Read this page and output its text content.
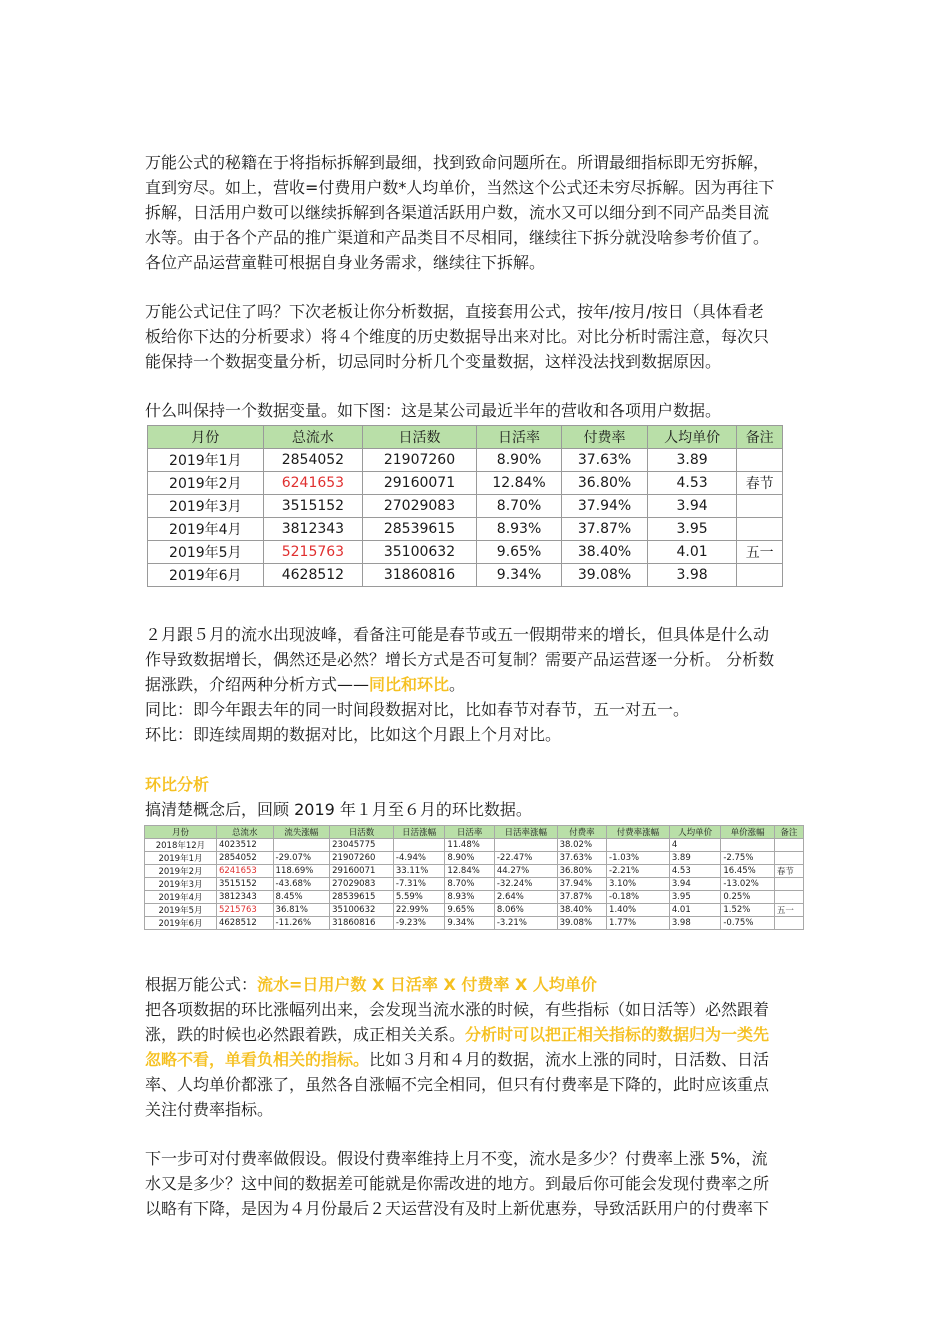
万能公式的秘籍在于将指标拆解到最细，找到致命问题所在。所谓最细指标即无穷拆解，
直到穷尽。如上，营收=付费用户数*人均单价，当然这个公式还未穷尽拆解。因为再往下
拆解，日活用户数可以继续拆解到各渠道活跃用户数，流水又可以细分到不同产品类目流
水等。由于各个产品的推广渠道和产品类目不尽相同，继续往下拆分就没啥参考价值了。
各位产品运营童鞋可根据自身业务需求，继续往下拆解。

万能公式记住了吗？下次老板让你分析数据，直接套用公式，按年/按月/按日（具体看老
板给你下达的分析要求）将４个维度的历史数据导出来对比。对比分析时需注意，每次只
能保持一个数据变量分析，切忌同时分析几个变量数据，这样没法找到数据原因。

什么叫保持一个数据变量。如下图：这是某公司最近半年的营收和各项用户数据。

月份	总流水	日活数	日活率	付费率	人均单价	备注
2019年1月	2854052	21907260	8.90%	37.63%	3.89	
2019年2月	6241653	29160071	12.84%	36.80%	4.53	春节
2019年3月	3515152	27029083	8.70%	37.94%	3.94	
2019年4月	3812343	28539615	8.93%	37.87%	3.95	
2019年5月	5215763	35100632	9.65%	38.40%	4.01	五一
2019年6月	4628512	31860816	9.34%	39.08%	3.98	

２月跟５月的流水出现波峰，看备注可能是春节或五一假期带来的增长，但具体是什么动
作导致数据增长，偶然还是必然？增长方式是否可复制？需要产品运营逐一分析。 分析数
据涨跌，介绍两种分析方式——同比和环比。
同比：即今年跟去年的同一时间段数据对比，比如春节对春节，五一对五一。
环比：即连续周期的数据对比，比如这个月跟上个月对比。

环比分析
搞清楚概念后，回顾 2019 年１月至６月的环比数据。

月份	总流水	流失涨幅	日活数	日活涨幅	日活率	日活率涨幅	付费率	付费率涨幅	人均单价	单价涨幅	备注
2018年12月	4023512		23045775		11.48%		38.02%		4		
2019年1月	2854052	-29.07%	21907260	-4.94%	8.90%	-22.47%	37.63%	-1.03%	3.89	-2.75%	
2019年2月	6241653	118.69%	29160071	33.11%	12.84%	44.27%	36.80%	-2.21%	4.53	16.45%	春节
2019年3月	3515152	-43.68%	27029083	-7.31%	8.70%	-32.24%	37.94%	3.10%	3.94	-13.02%	
2019年4月	3812343	8.45%	28539615	5.59%	8.93%	2.64%	37.87%	-0.18%	3.95	0.25%	
2019年5月	5215763	36.81%	35100632	22.99%	9.65%	8.06%	38.40%	1.40%	4.01	1.52%	五一
2019年6月	4628512	-11.26%	31860816	-9.23%	9.34%	-3.21%	39.08%	1.77%	3.98	-0.75%	

根据万能公式：流水=日用户数 X 日活率 X 付费率 X 人均单价
把各项数据的环比涨幅列出来，会发现当流水涨的时候，有些指标（如日活等）必然跟着
涨，跌的时候也必然跟着跌，成正相关关系。分析时可以把正相关指标的数据归为一类先
忽略不看，单看负相关的指标。比如３月和４月的数据，流水上涨的同时，日活数、日活
率、人均单价都涨了，虽然各自涨幅不完全相同，但只有付费率是下降的，此时应该重点
关注付费率指标。

下一步可对付费率做假设。假设付费率维持上月不变，流水是多少？付费率上涨 5%，流
水又是多少？这中间的数据差可能就是你需改进的地方。到最后你可能会发现付费率之所
以略有下降，是因为４月份最后２天运营没有及时上新优惠券，导致活跃用户的付费率下
